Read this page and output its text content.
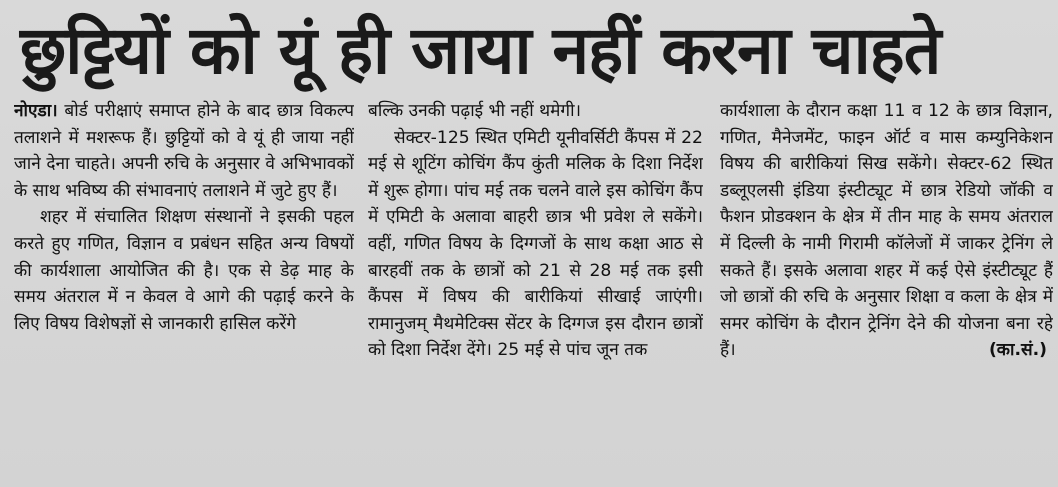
छुट्टियों को यूं ही जाया नहीं करना चाहते

नोएडा। बोर्ड परीक्षाएं समाप्त होने के बाद छात्र विकल्प तलाशने में मशरूफ हैं। छुट्टियों को वे यूं ही जाया नहीं जाने देना चाहते। अपनी रुचि के अनुसार वे अभिभावकों के साथ भविष्य की संभावनाएं तलाशने में जुटे हुए हैं।

शहर में संचालित शिक्षण संस्थानों ने इसकी पहल करते हुए गणित, विज्ञान व प्रबंधन सहित अन्य विषयों की कार्यशाला आयोजित की है। एक से डेढ़ माह के समय अंतराल में न केवल वे आगे की पढ़ाई करने के लिए विषय विशेषज्ञों से जानकारी हासिल करेंगे

बल्कि उनकी पढ़ाई भी नहीं थमेगी।

सेक्टर-125 स्थित एमिटी यूनीवर्सिटी कैंपस में 22 मई से शूटिंग कोचिंग कैंप कुंती मलिक के दिशा निर्देश में शुरू होगा। पांच मई तक चलने वाले इस कोचिंग कैंप में एमिटी के अलावा बाहरी छात्र भी प्रवेश ले सकेंगे। वहीं, गणित विषय के दिग्गजों के साथ कक्षा आठ से बारहवीं तक के छात्रों को 21 से 28 मई तक इसी कैंपस में विषय की बारीकियां सीखाई जाएंगी। रामानुजम् मैथमेटिक्स सेंटर के दिग्गज इस दौरान छात्रों को दिशा निर्देश देंगे। 25 मई से पांच जून तक

कार्यशाला के दौरान कक्षा 11 व 12 के छात्र विज्ञान, गणित, मैनेजमेंट, फाइन ऑर्ट व मास कम्युनिकेशन विषय की बारीकियां सिख सकेंगे। सेक्टर-62 स्थित डब्लूएलसी इंडिया इंस्टीट्यूट में छात्र रेडियो जॉकी व फैशन प्रोडक्शन के क्षेत्र में तीन माह के समय अंतराल में दिल्ली के नामी गिरामी कॉलेजों में जाकर ट्रेनिंग ले सकते हैं। इसके अलावा शहर में कई ऐसे इंस्टीट्यूट हैं जो छात्रों की रुचि के अनुसार शिक्षा व कला के क्षेत्र में समर कोचिंग के दौरान ट्रेनिंग देने की योजना बना रहे हैं।	(का.सं.)
